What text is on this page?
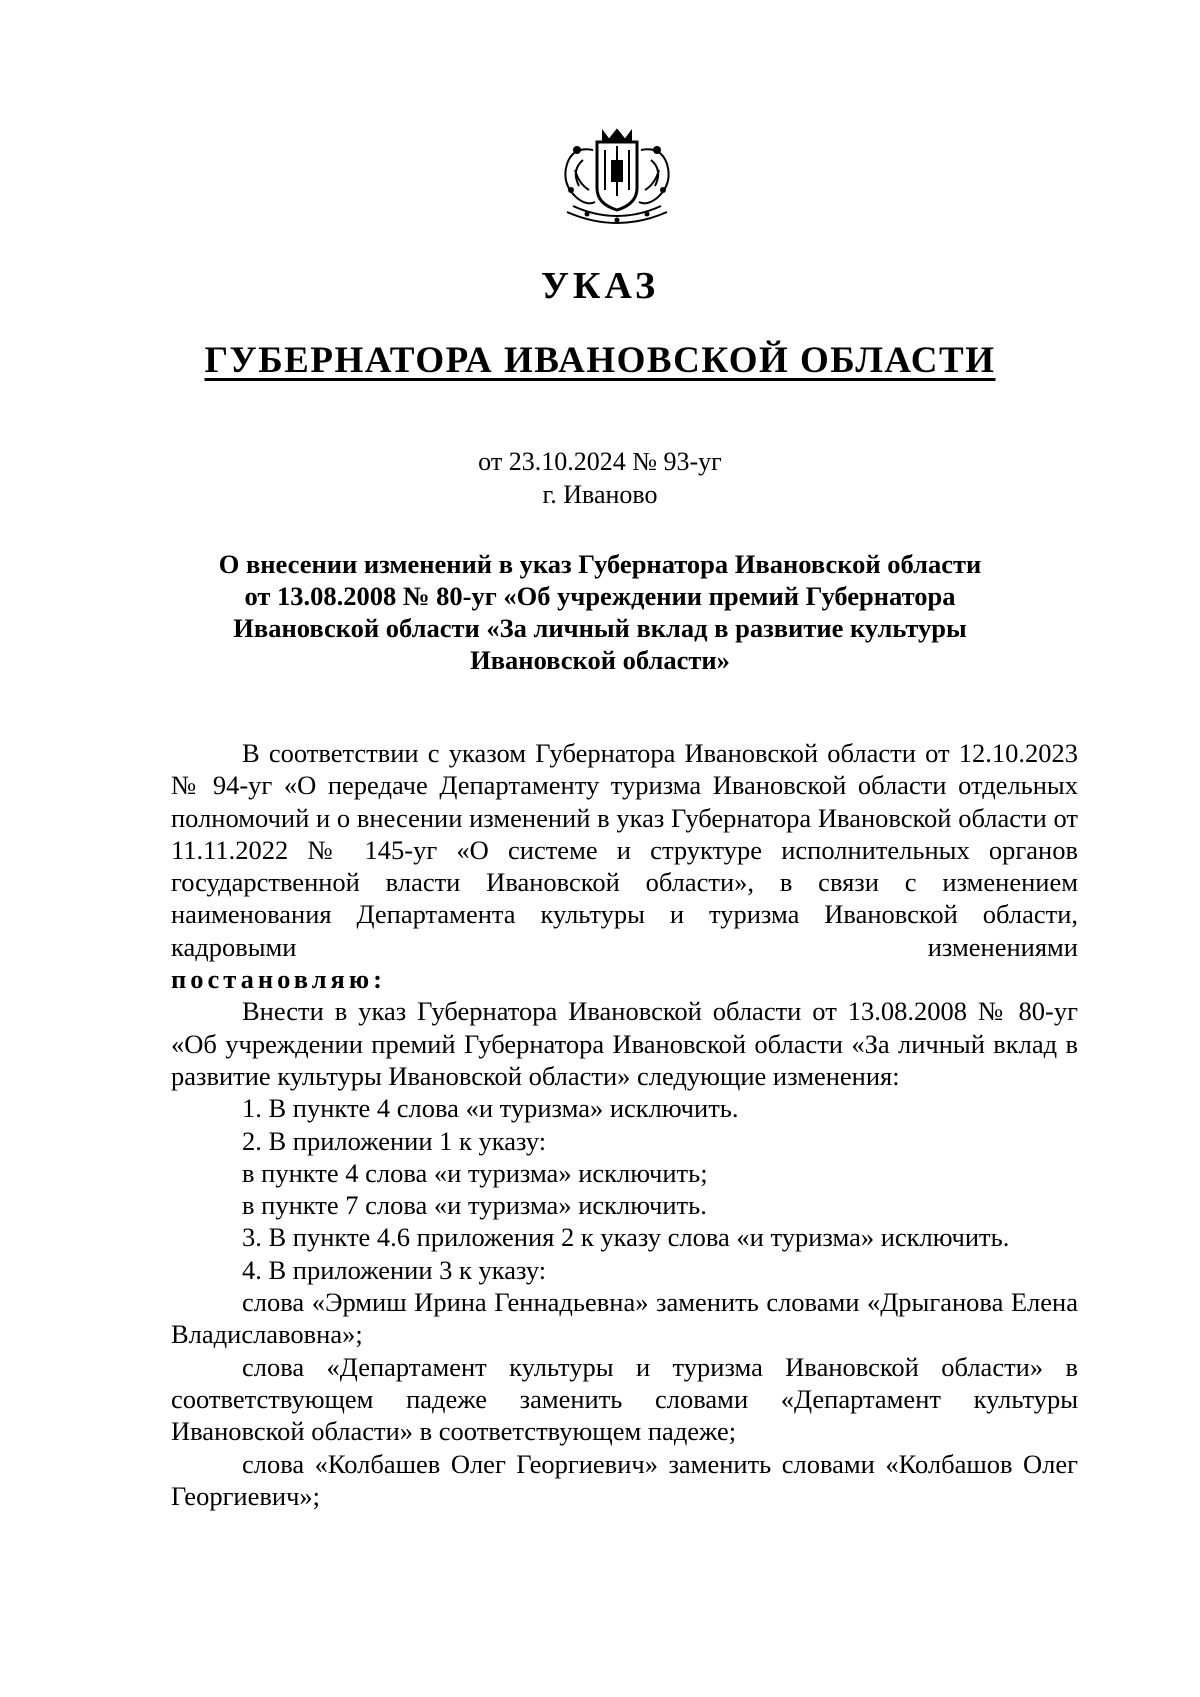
УКАЗ
ГУБЕРНАТОРА ИВАНОВСКОЙ ОБЛАСТИ
от 23.10.2024 № 93-уг
г. Иваново
О внесении изменений в указ Губернатора Ивановской области
от 13.08.2008 № 80-уг «Об учреждении премий Губернатора
Ивановской области «За личный вклад в развитие культуры
Ивановской области»

В соответствии с указом Губернатора Ивановской области от 12.10.2023 № 94-уг «О передаче Департаменту туризма Ивановской области отдельных полномочий и о внесении изменений в указ Губернатора Ивановской области от 11.11.2022 № 145-уг «О системе и структуре исполнительных органов государственной власти Ивановской области», в связи с изменением наименования Департамента культуры и туризма Ивановской области, кадровыми изменениями

постановляю:

Внести в указ Губернатора Ивановской области от 13.08.2008 № 80-уг «Об учреждении премий Губернатора Ивановской области «За личный вклад в развитие культуры Ивановской области» следующие изменения:

1. В пункте 4 слова «и туризма» исключить.

2. В приложении 1 к указу:

в пункте 4 слова «и туризма» исключить;

в пункте 7 слова «и туризма» исключить.

3. В пункте 4.6 приложения 2 к указу слова «и туризма» исключить.

4. В приложении 3 к указу:

слова «Эрмиш Ирина Геннадьевна» заменить словами «Дрыганова Елена Владиславовна»;

слова «Департамент культуры и туризма Ивановской области» в соответствующем падеже заменить словами «Департамент культуры Ивановской области» в соответствующем падеже;

слова «Колбашев Олег Георгиевич» заменить словами «Колбашов Олег Георгиевич»;
